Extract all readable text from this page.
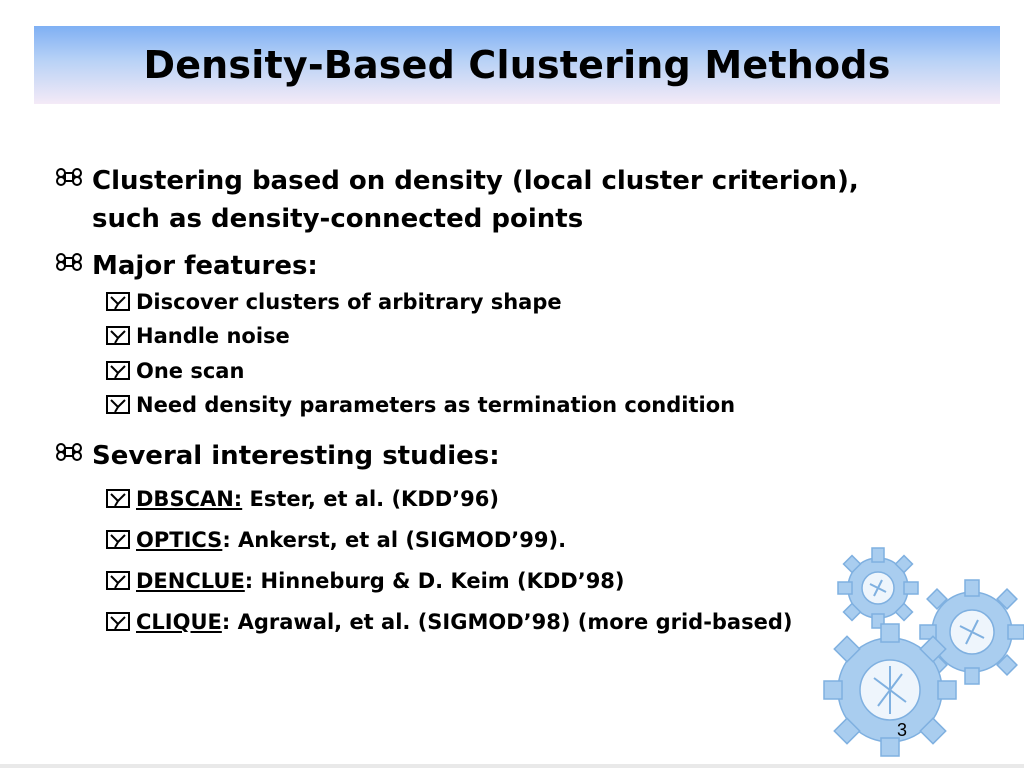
Density-Based Clustering Methods
Clustering based on density (local cluster criterion),
such as density-connected points
Major features:
Discover clusters of arbitrary shape
Handle noise
One scan
Need density parameters as termination condition
Several interesting studies:
DBSCAN: Ester, et al. (KDD’96)
OPTICS: Ankerst, et al (SIGMOD’99).
DENCLUE: Hinneburg & D. Keim (KDD’98)
CLIQUE: Agrawal, et al. (SIGMOD’98) (more grid-based)
3
